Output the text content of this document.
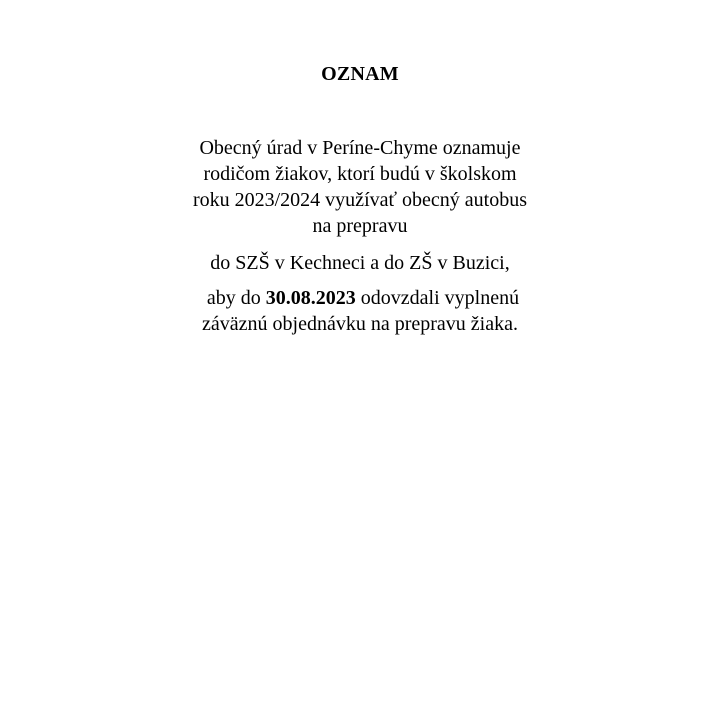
OZNAM
Obecný úrad v Períne-Chyme oznamuje
rodičom žiakov, ktorí budú v školskom
roku 2023/2024 využívať obecný autobus
na prepravu
do SZŠ v Kechneci a do ZŠ v Buzici,
aby do 30.08.2023 odovzdali vyplnenú
záväznú objednávku na prepravu žiaka.
